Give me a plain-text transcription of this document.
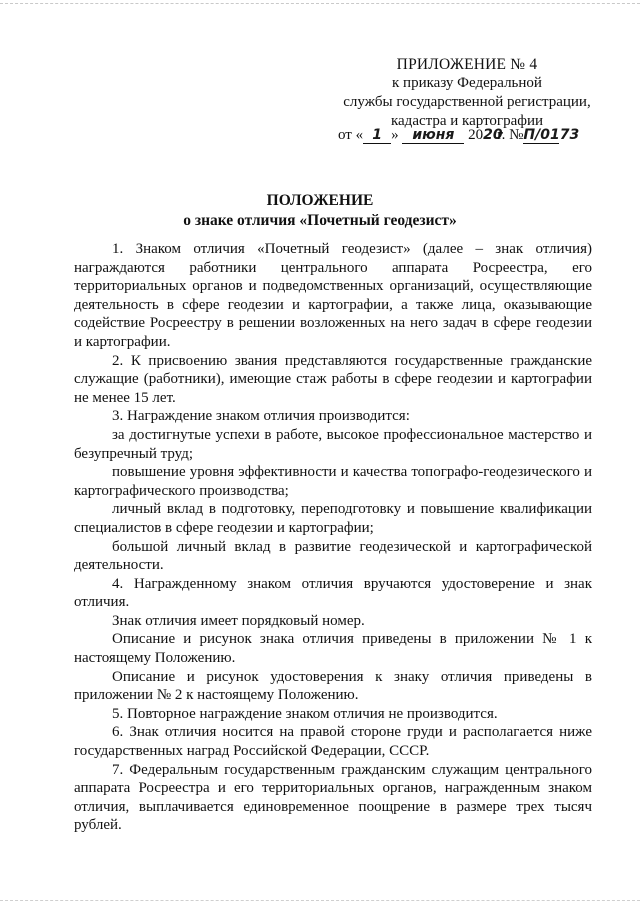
ПРИЛОЖЕНИЕ № 4
к приказу Федеральной
службы государственной регистрации,
кадастра и картографии
от « 1 » июня 2020г. №П/0173
ПОЛОЖЕНИЕ
о знаке отличия «Почетный геодезист»

1. Знаком отличия «Почетный геодезист» (далее – знак отличия) награждаются работники центрального аппарата Росреестра, его территориальных органов и подведомственных организаций, осуществляющие деятельность в сфере геодезии и картографии, а также лица, оказывающие содействие Росреестру в решении возложенных на него задач в сфере геодезии и картографии.

2. К присвоению звания представляются государственные гражданские служащие (работники), имеющие стаж работы в сфере геодезии и картографии не менее 15 лет.

3. Награждение знаком отличия производится:

за достигнутые успехи в работе, высокое профессиональное мастерство и безупречный труд;

повышение уровня эффективности и качества топографо-геодезического и картографического производства;

личный вклад в подготовку, переподготовку и повышение квалификации специалистов в сфере геодезии и картографии;

большой личный вклад в развитие геодезической и картографической деятельности.

4. Награжденному знаком отличия вручаются удостоверение и знак отличия.

Знак отличия имеет порядковый номер.

Описание и рисунок знака отличия приведены в приложении № 1 к настоящему Положению.

Описание и рисунок удостоверения к знаку отличия приведены в приложении № 2 к настоящему Положению.

5. Повторное награждение знаком отличия не производится.

6. Знак отличия носится на правой стороне груди и располагается ниже государственных наград Российской Федерации, СССР.

7. Федеральным государственным гражданским служащим центрального аппарата Росреестра и его территориальных органов, награжденным знаком отличия, выплачивается единовременное поощрение в размере трех тысяч рублей.
